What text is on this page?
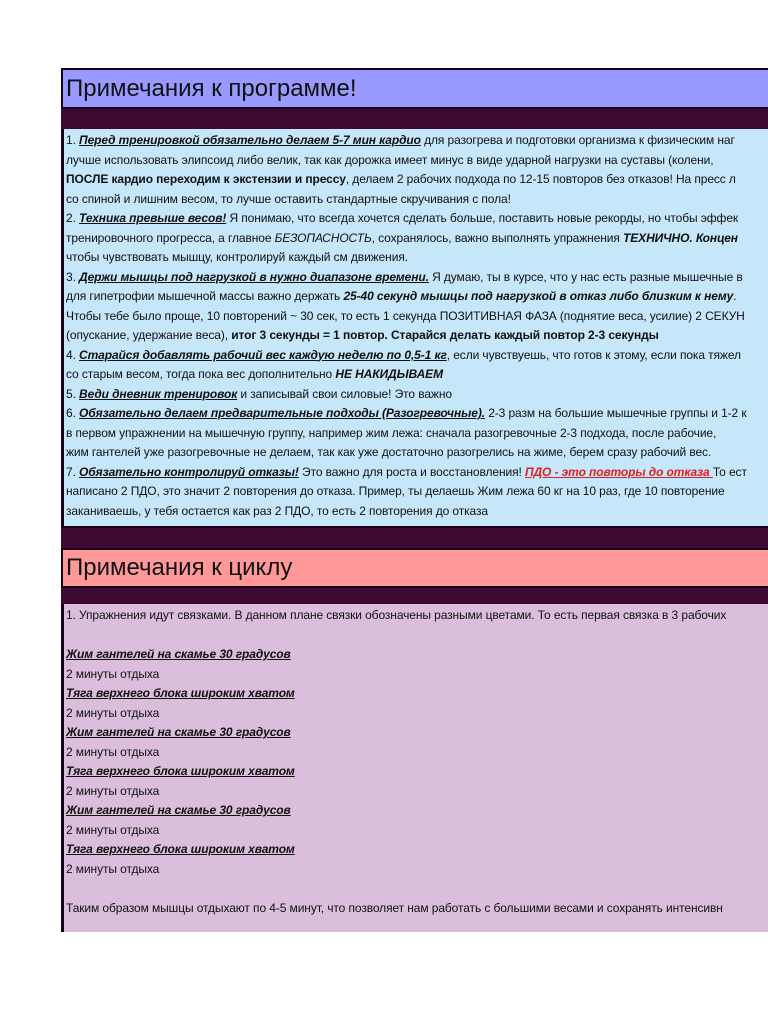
Примечания к программе!
1. Перед тренировкой обязательно делаем 5-7 мин кардио для разогрева и подготовки организма к физическим наг
лучше использовать элипсоид либо велик, так как дорожка имеет минус в виде ударной нагрузки на суставы (колени,
ПОСЛЕ кардио переходим к экстензии и прессу, делаем 2 рабочих подхода по 12-15 повторов без отказов! На пресс л
со спиной и лишним весом, то лучше оставить стандартные скручивания с пола!
2. Техника превыше весов! Я понимаю, что всегда хочется сделать больше, поставить новые рекорды, но чтобы эффек
тренировочного прогресса, а главное БЕЗОПАСНОСТЬ, сохранялось, важно выполнять упражнения ТЕХНИЧНО. Концен
чтобы чувствовать мышцу, контролируй каждый см движения.
3. Держи мышцы под нагрузкой в нужно диапазоне времени. Я думаю, ты в курсе, что у нас есть разные мышечные в
для гипетрофии мышечной массы важно держать 25-40 секунд мышцы под нагрузкой в отказ либо близким к нему.
Чтобы тебе было проще, 10 повторений ~ 30 сек, то есть 1 секунда ПОЗИТИВНАЯ ФАЗА (поднятие веса, усилие) 2 СЕКУН
(опускание, удержание веса), итог 3 секунды = 1 повтор. Старайся делать каждый повтор 2-3 секунды
4. Старайся добавлять рабочий вес каждую неделю по 0,5-1 кг, если чувствуешь, что готов к этому, если пока тяжел
со старым весом, тогда пока вес дополнительно НЕ НАКИДЫВАЕМ
5. Веди дневник тренировок и записывай свои силовые! Это важно
6. Обязательно делаем предварительные подходы (Разогревочные). 2-3 разм на большие мышечные группы и 1-2 к
в первом упражнении на мышечную группу, например жим лежа: сначала разогревочные 2-3 подхода, после рабочие,
жим гантелей уже разогревочные не делаем, так как уже достаточно разогрелись на жиме, берем сразу рабочий вес.
7. Обязательно контролируй отказы! Это важно для роста и восстановления! ПДО - это повторы до отказа То ест
написано 2 ПДО, это значит 2 повторения до отказа. Пример, ты делаешь Жим лежа 60 кг на 10 раз, где 10 повторение
заканиваешь, у тебя остается как раз 2 ПДО, то есть 2 повторения до отказа
Примечания к циклу
1. Упражнения идут связками. В данном плане связки обозначены разными цветами. То есть первая связка в 3 рабочих
Жим гантелей на скамье 30 градусов
2 минуты отдыха
Тяга верхнего блока широким хватом
2 минуты отдыха
Жим гантелей на скамье 30 градусов
2 минуты отдыха
Тяга верхнего блока широким хватом
2 минуты отдыха
Жим гантелей на скамье 30 градусов
2 минуты отдыха
Тяга верхнего блока широким хватом
2 минуты отдыха
Таким образом мышцы отдыхают по 4-5 минут, что позволяет нам работать с большими весами и сохранять интенсивн
